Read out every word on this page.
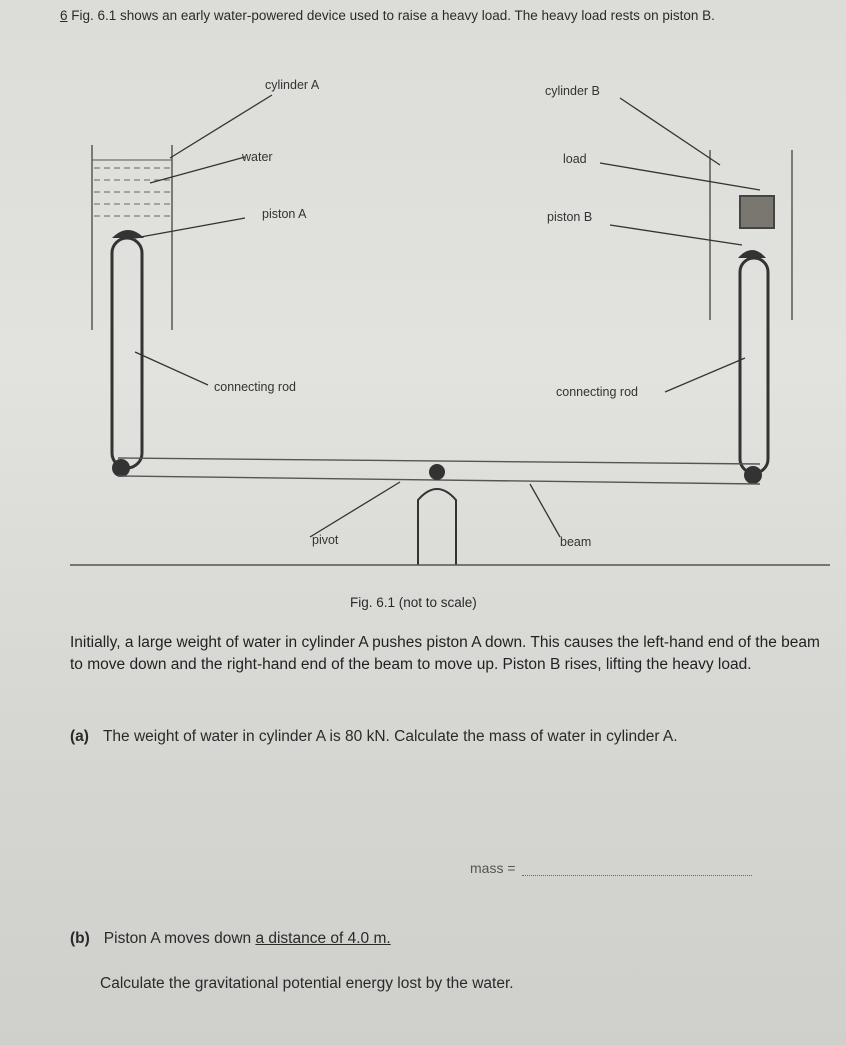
6 Fig. 6.1 shows an early water-powered device used to raise a heavy load. The heavy load rests on piston B.
cylinder A	cylinder B
water	load
piston A	piston B
connecting rod	connecting rod
pivot	beam
Fig. 6.1 (not to scale)
Initially, a large weight of water in cylinder A pushes piston A down. This causes the left-hand end of the beam to move down and the right-hand end of the beam to move up. Piston B rises, lifting the heavy load.
(a) The weight of water in cylinder A is 80 kN. Calculate the mass of water in cylinder A.
mass =
(b) Piston A moves down a distance of 4.0 m.
Calculate the gravitational potential energy lost by the water.
